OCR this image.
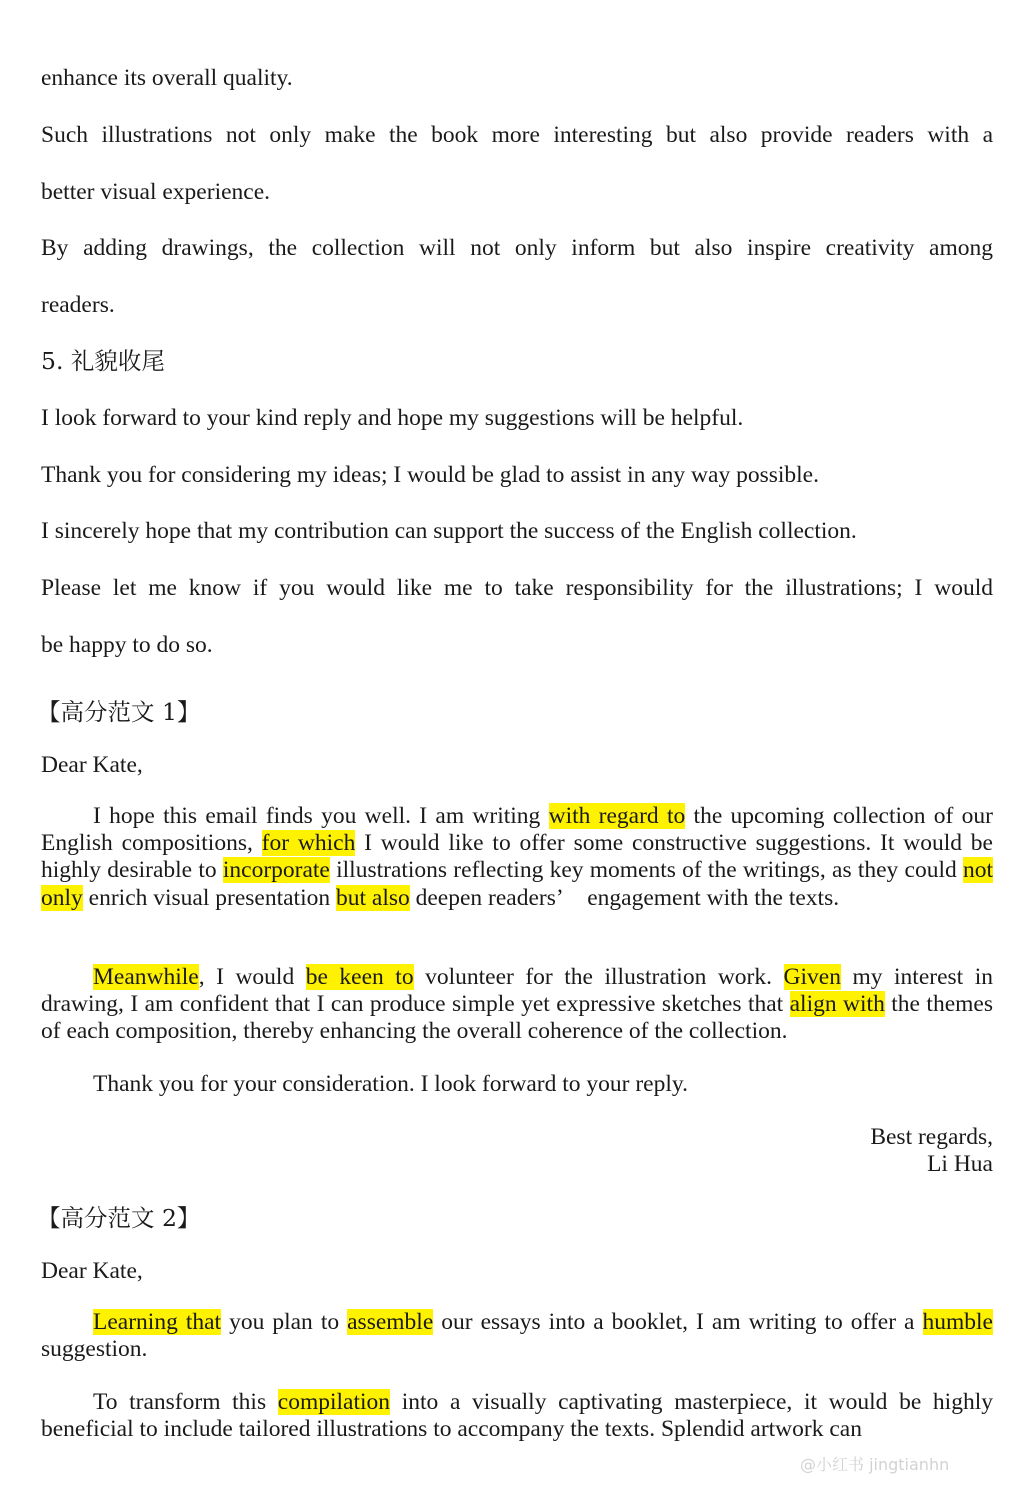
enhance its overall quality.
Such illustrations not only make the book more interesting but also provide readers with a
better visual experience.
By adding drawings, the collection will not only inform but also inspire creativity among
readers.
5. 礼貌收尾
I look forward to your kind reply and hope my suggestions will be helpful.
Thank you for considering my ideas; I would be glad to assist in any way possible.
I sincerely hope that my contribution can support the success of the English collection.
Please let me know if you would like me to take responsibility for the illustrations; I would
be happy to do so.
【高分范文 1】
Dear Kate,
I hope this email finds you well. I am writing with regard to the upcoming collection of our English compositions, for which I would like to offer some constructive suggestions. It would be highly desirable to incorporate illustrations reflecting key moments of the writings, as they could not only enrich visual presentation but also deepen readers’    engagement with the texts.
Meanwhile, I would be keen to volunteer for the illustration work. Given my interest in drawing, I am confident that I can produce simple yet expressive sketches that align with the themes of each composition, thereby enhancing the overall coherence of the collection.
Thank you for your consideration. I look forward to your reply.
Best regards,
Li Hua
【高分范文 2】
Dear Kate,
Learning that you plan to assemble our essays into a booklet, I am writing to offer a humble suggestion.
To transform this compilation into a visually captivating masterpiece, it would be highly beneficial to include tailored illustrations to accompany the texts. Splendid artwork can
@小红书 jingtianhn
